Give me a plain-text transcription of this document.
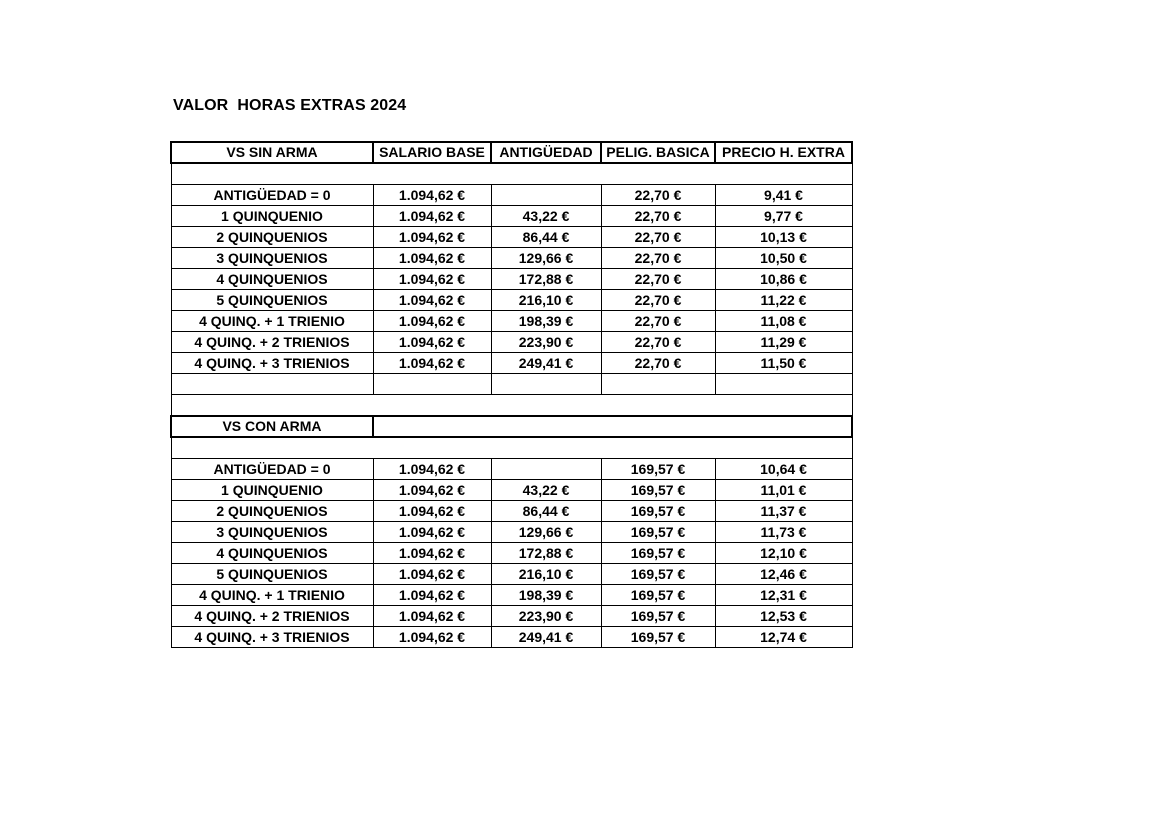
VALOR  HORAS EXTRAS 2024
VS SIN ARMA	SALARIO BASE	ANTIGÜEDAD	PELIG. BASICA	PRECIO H. EXTRA

ANTIGÜEDAD = 0	1.094,62 €		22,70 €	9,41 €
1 QUINQUENIO	1.094,62 €	43,22 €	22,70 €	9,77 €
2 QUINQUENIOS	1.094,62 €	86,44 €	22,70 €	10,13 €
3 QUINQUENIOS	1.094,62 €	129,66 €	22,70 €	10,50 €
4 QUINQUENIOS	1.094,62 €	172,88 €	22,70 €	10,86 €
5 QUINQUENIOS	1.094,62 €	216,10 €	22,70 €	11,22 €
4 QUINQ. + 1 TRIENIO	1.094,62 €	198,39 €	22,70 €	11,08 €
4 QUINQ. + 2 TRIENIOS	1.094,62 €	223,90 €	22,70 €	11,29 €
4 QUINQ. + 3 TRIENIOS	1.094,62 €	249,41 €	22,70 €	11,50 €

VS CON ARMA				

ANTIGÜEDAD = 0	1.094,62 €		169,57 €	10,64 €
1 QUINQUENIO	1.094,62 €	43,22 €	169,57 €	11,01 €
2 QUINQUENIOS	1.094,62 €	86,44 €	169,57 €	11,37 €
3 QUINQUENIOS	1.094,62 €	129,66 €	169,57 €	11,73 €
4 QUINQUENIOS	1.094,62 €	172,88 €	169,57 €	12,10 €
5 QUINQUENIOS	1.094,62 €	216,10 €	169,57 €	12,46 €
4 QUINQ. + 1 TRIENIO	1.094,62 €	198,39 €	169,57 €	12,31 €
4 QUINQ. + 2 TRIENIOS	1.094,62 €	223,90 €	169,57 €	12,53 €
4 QUINQ. + 3 TRIENIOS	1.094,62 €	249,41 €	169,57 €	12,74 €
